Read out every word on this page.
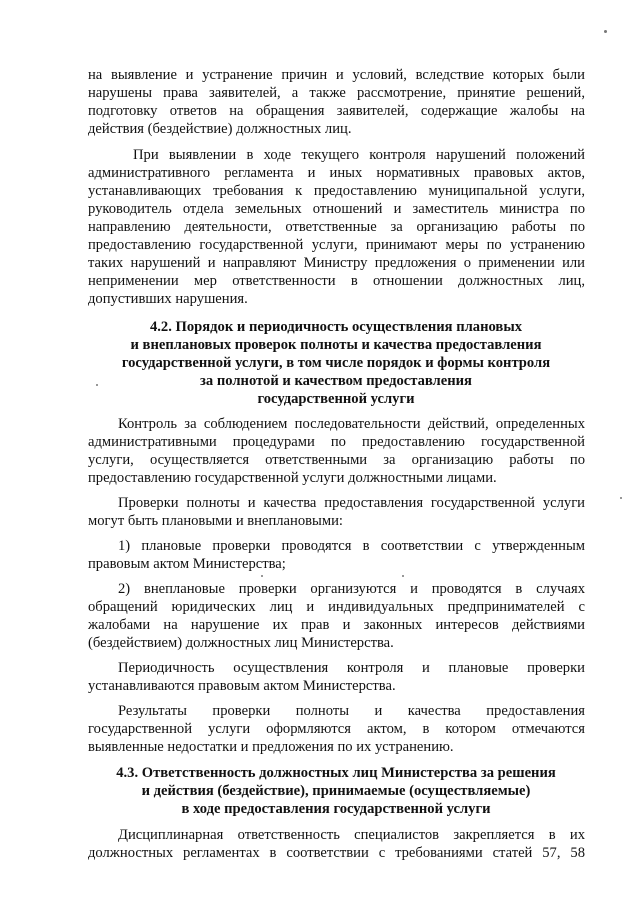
на выявление и устранение причин и условий, вследствие которых были
нарушены права заявителей, а также рассмотрение, принятие решений,
подготовку ответов на обращения заявителей, содержащие жалобы на
действия (бездействие) должностных лиц.
При выявлении в ходе текущего контроля нарушений положений
административного регламента и иных нормативных правовых актов,
устанавливающих требования к предоставлению муниципальной услуги,
руководитель отдела земельных отношений и заместитель министра по
направлению деятельности, ответственные за организацию работы по
предоставлению государственной услуги, принимают меры по устранению
таких нарушений и направляют Министру предложения о применении или
неприменении мер ответственности в отношении должностных лиц,
допустивших нарушения.
4.2. Порядок и периодичность осуществления плановых
и внеплановых проверок полноты и качества предоставления
государственной услуги, в том числе порядок и формы контроля
за полнотой и качеством предоставления
государственной услуги
Контроль за соблюдением последовательности действий, определенных
административными процедурами по предоставлению государственной
услуги, осуществляется ответственными за организацию работы по
предоставлению государственной услуги должностными лицами.
Проверки полноты и качества предоставления государственной услуги
могут быть плановыми и внеплановыми:
1) плановые проверки проводятся в соответствии с утвержденным
правовым актом Министерства;
2) внеплановые проверки организуются и проводятся в случаях
обращений юридических лиц и индивидуальных предпринимателей с
жалобами на нарушение их прав и законных интересов действиями
(бездействием) должностных лиц Министерства.
Периодичность осуществления контроля и плановые проверки
устанавливаются правовым актом Министерства.
Результаты проверки полноты и качества предоставления
государственной услуги оформляются актом, в котором отмечаются
выявленные недостатки и предложения по их устранению.
4.3. Ответственность должностных лиц Министерства за решения
и действия (бездействие), принимаемые (осуществляемые)
в ходе предоставления государственной услуги
Дисциплинарная ответственность специалистов закрепляется в их
должностных регламентах в соответствии с требованиями статей 57, 58
